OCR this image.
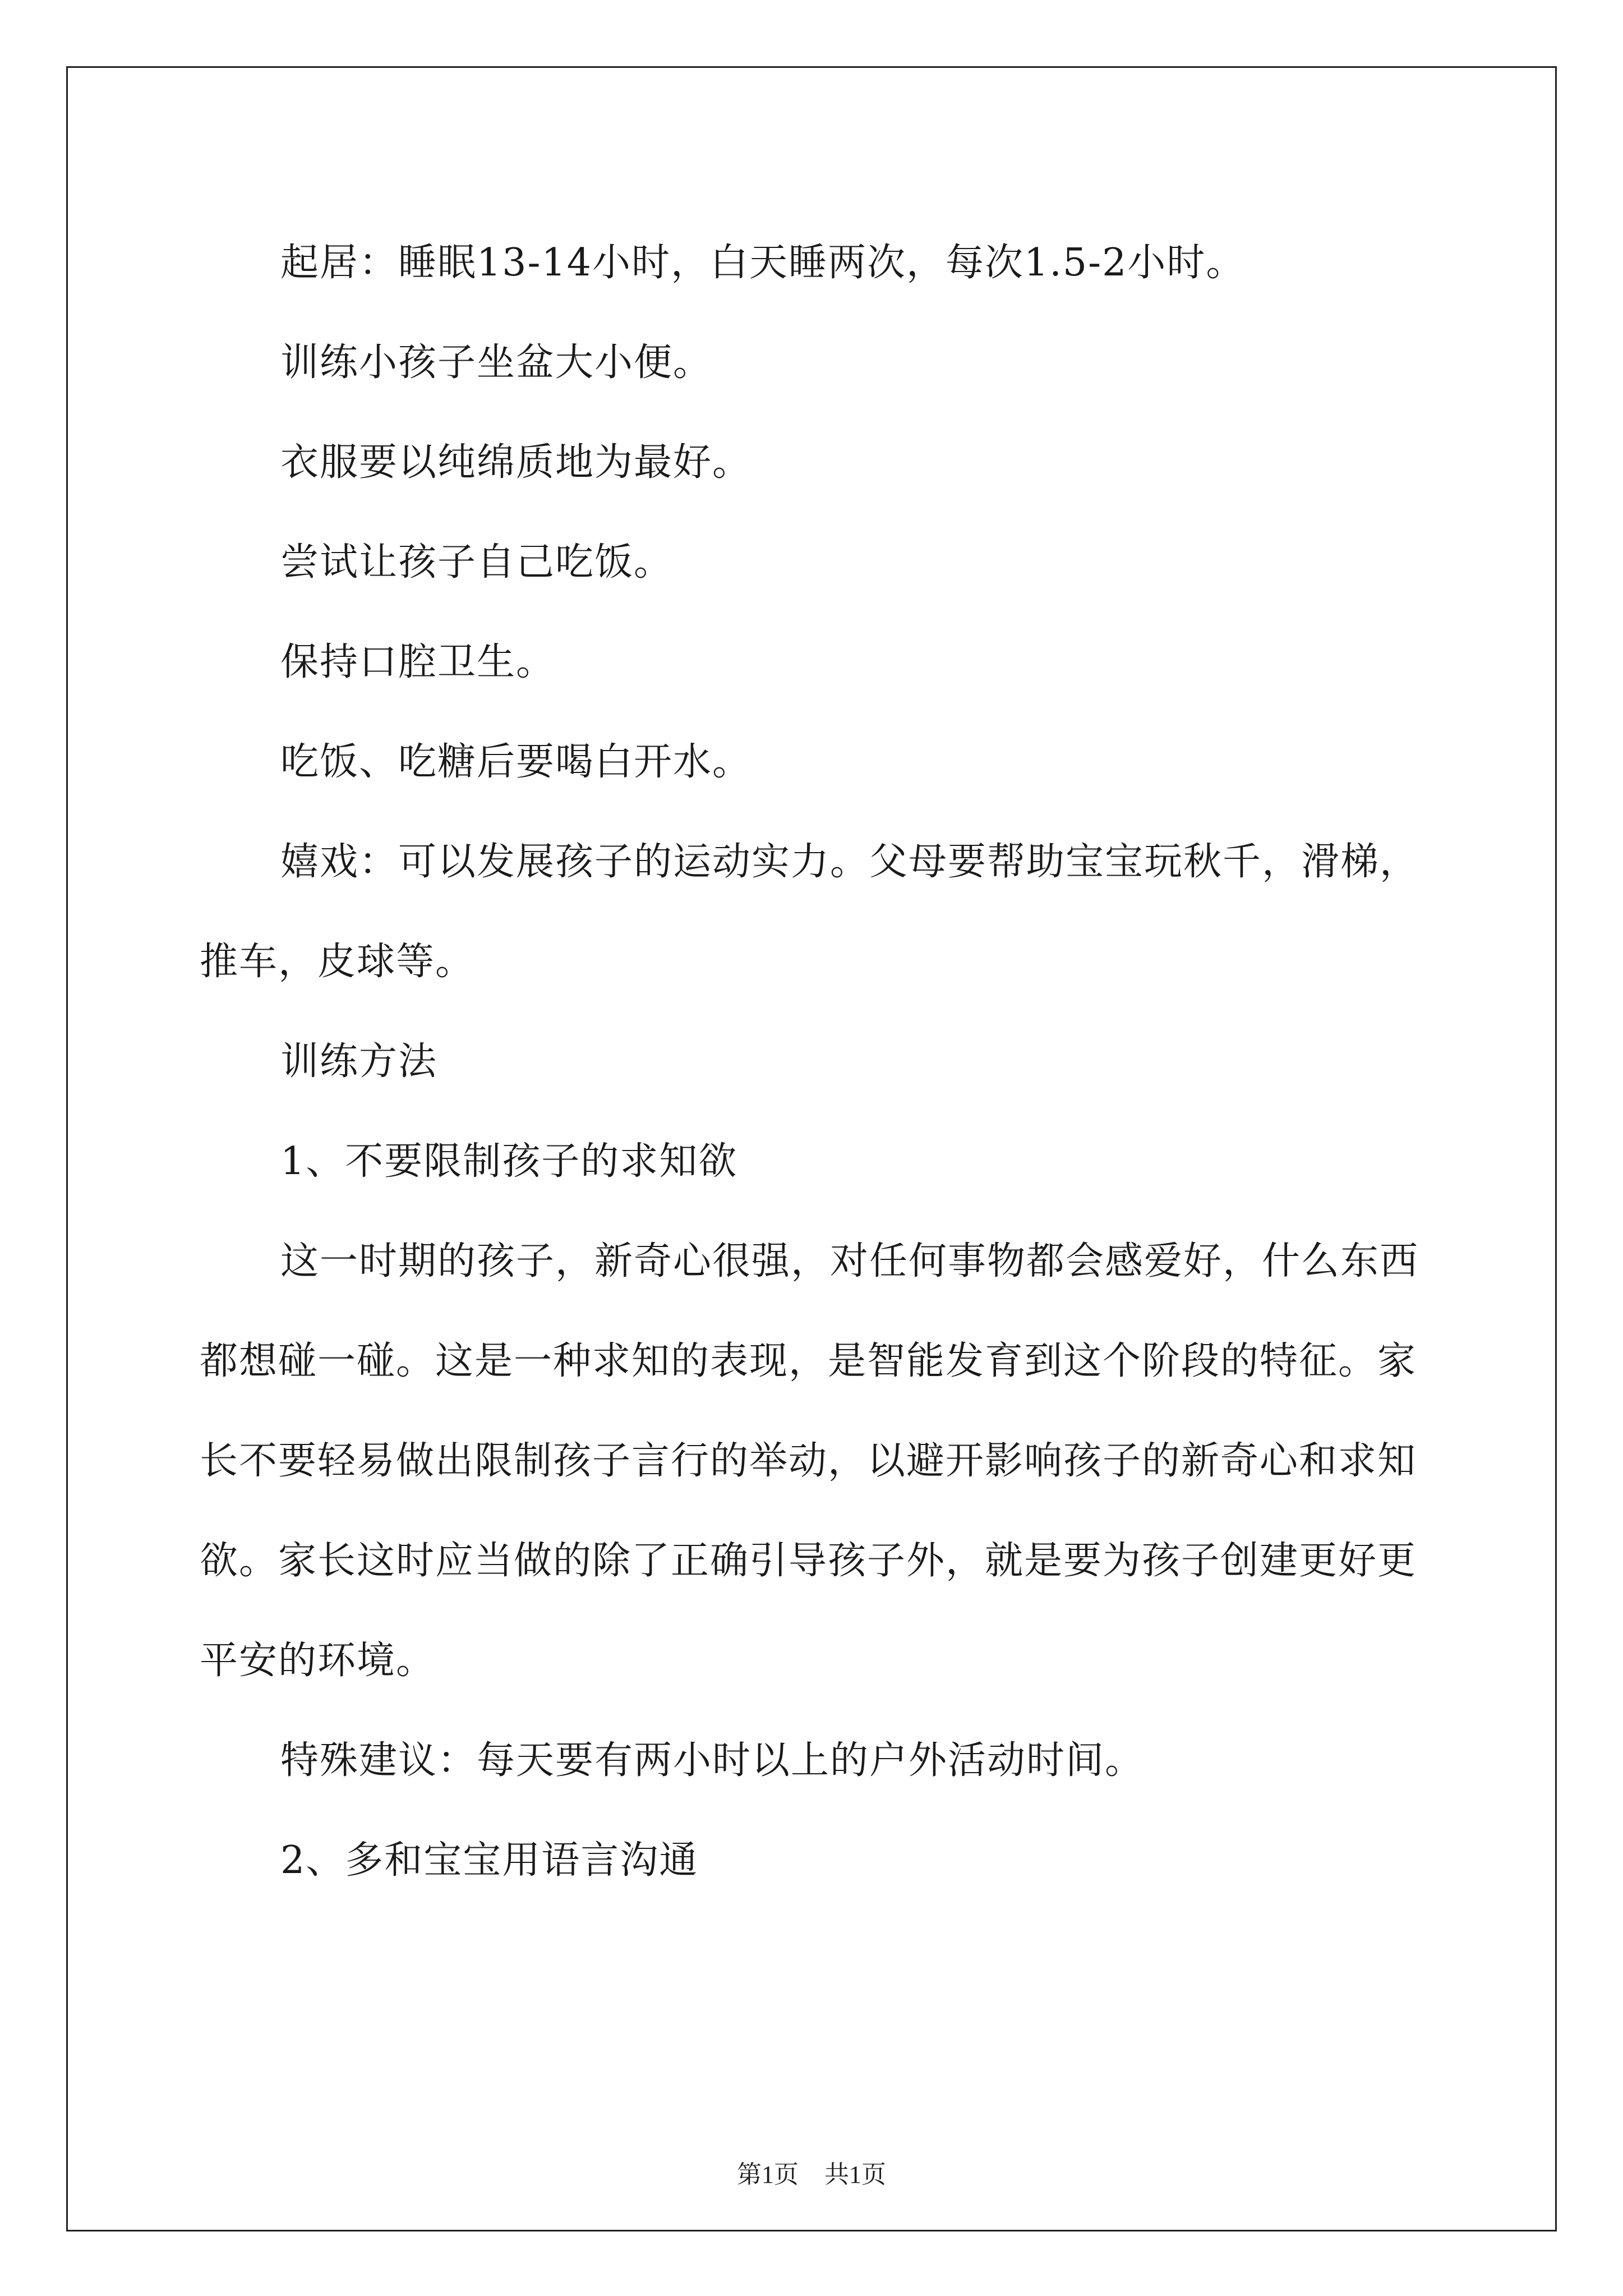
起居：睡眠13-14小时，白天睡两次，每次1.5-2小时。

训练小孩子坐盆大小便。

衣服要以纯绵质地为最好。

尝试让孩子自己吃饭。

保持口腔卫生。

吃饭、吃糖后要喝白开水。

嬉戏：可以发展孩子的运动实力。父母要帮助宝宝玩秋千，滑梯，推车，皮球等。

训练方法

1、不要限制孩子的求知欲

这一时期的孩子，新奇心很强，对任何事物都会感爱好，什么东西都想碰一碰。这是一种求知的表现，是智能发育到这个阶段的特征。家长不要轻易做出限制孩子言行的举动，以避开影响孩子的新奇心和求知欲。家长这时应当做的除了正确引导孩子外，就是要为孩子创建更好更平安的环境。

特殊建议：每天要有两小时以上的户外活动时间。

2、多和宝宝用语言沟通

第1页 共1页
